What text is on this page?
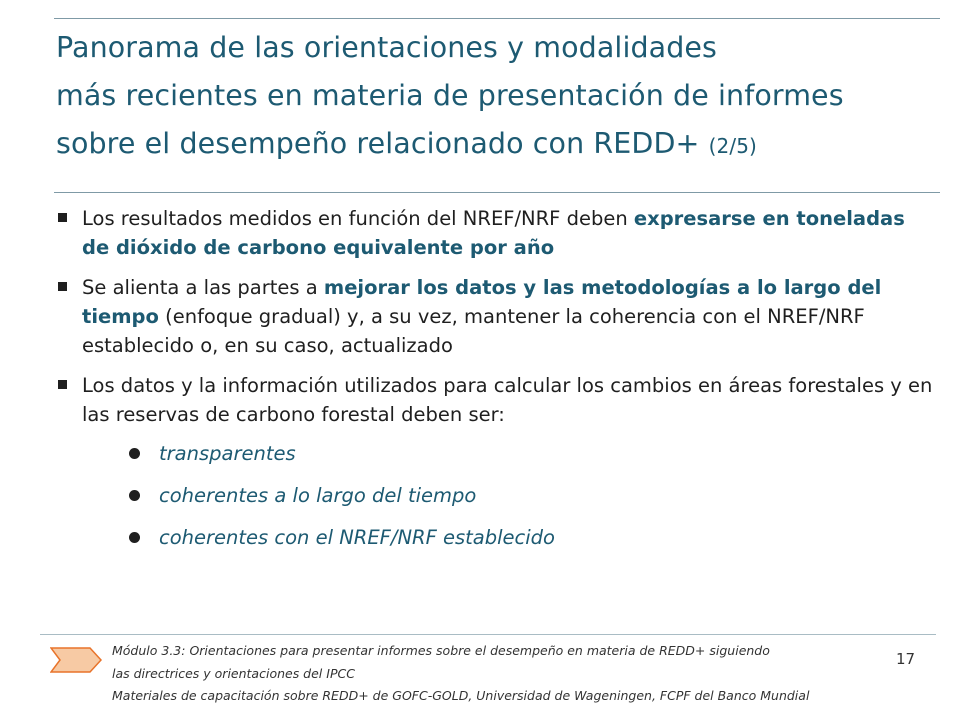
Panorama de las orientaciones y modalidades
más recientes en materia de presentación de informes
sobre el desempeño relacionado con REDD+ (2/5)
Los resultados medidos en función del NREF/NRF deben expresarse en toneladas de dióxido de carbono equivalente por año
Se alienta a las partes a mejorar los datos y las metodologías a lo largo del tiempo (enfoque gradual) y, a su vez, mantener la coherencia con el NREF/NRF establecido o, en su caso, actualizado
Los datos y la información utilizados para calcular los cambios en áreas forestales y en las reservas de carbono forestal deben ser:
transparentes
coherentes a lo largo del tiempo
coherentes con el NREF/NRF establecido
Módulo 3.3: Orientaciones para presentar informes sobre el desempeño en materia de REDD+ siguiendo
las directrices y orientaciones del IPCC
Materiales de capacitación sobre REDD+ de GOFC-GOLD, Universidad de Wageningen, FCPF del Banco Mundial
17
